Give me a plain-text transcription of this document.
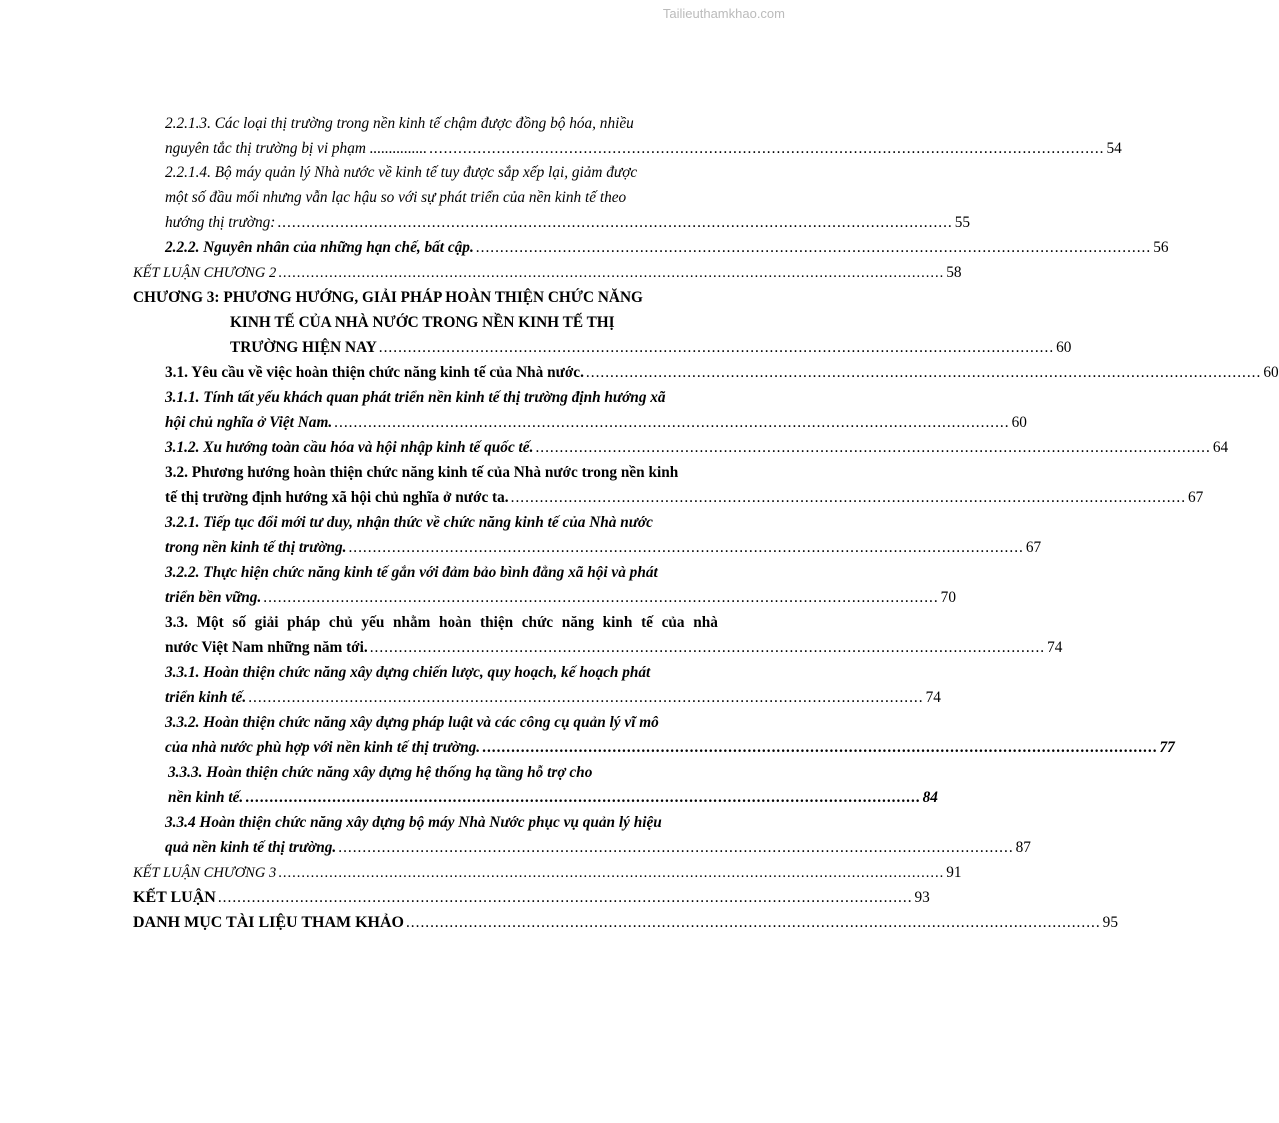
Tailieuthamkhao.com
2.2.1.3. Các loại thị trường trong nền kinh tế chậm được đồng bộ hóa, nhiều
nguyên tắc thị trường bị vi phạm ............... ............................................................................................................................................ 54
2.2.1.4. Bộ máy quản lý Nhà nước về kinh tế tuy được sắp xếp lại, giảm được
một số đầu mối nhưng vẫn lạc hậu so với sự phát triển của nền kinh tế theo
hướng thị trường: ............................................................................................................................................ 55
2.2.2. Nguyên nhân của những hạn chế, bất cập. ............................................................................................................................................ 56
KẾT LUẬN CHƯƠNG 2 ................................................................................................................................................ 58
CHƯƠNG 3: PHƯƠNG HƯỚNG, GIẢI PHÁP HOÀN THIỆN CHỨC NĂNG
KINH TẾ CỦA NHÀ NƯỚC TRONG NỀN KINH TẾ THỊ
TRƯỜNG HIỆN NAY ............................................................................................................................................ 60
3.1. Yêu cầu về việc hoàn thiện chức năng kinh tế của Nhà nước. ............................................................................................................................................ 60
3.1.1. Tính tất yếu khách quan phát triển nền kinh tế thị trường định hướng xã
hội chủ nghĩa ở Việt Nam. ............................................................................................................................................ 60
3.1.2. Xu hướng toàn cầu hóa và hội nhập kinh tế quốc tế. ............................................................................................................................................ 64
3.2. Phương hướng hoàn thiện chức năng kinh tế của Nhà nước trong nền kinh
tế thị trường định hướng xã hội chủ nghĩa ở nước ta. ............................................................................................................................................ 67
3.2.1. Tiếp tục đổi mới tư duy, nhận thức về chức năng kinh tế của Nhà nước
trong nền kinh tế thị trường. ............................................................................................................................................ 67
3.2.2. Thực hiện chức năng kinh tế gắn với đảm bảo bình đẳng xã hội và phát
triển bền vững. ............................................................................................................................................ 70
3.3. Một số giải pháp chủ yếu nhằm hoàn thiện chức năng kinh tế của nhà
nước Việt Nam những năm tới. ............................................................................................................................................ 74
3.3.1. Hoàn thiện chức năng xây dựng chiến lược, quy hoạch, kế hoạch phát
triển kinh tế. ............................................................................................................................................ 74
3.3.2. Hoàn thiện chức năng xây dựng pháp luật và các công cụ quản lý vĩ mô
của nhà nước phù hợp với nền kinh tế thị trường. ............................................................................................................................................ 77
3.3.3. Hoàn thiện chức năng xây dựng hệ thống hạ tầng hỗ trợ cho
nền kinh tế. ............................................................................................................................................ 84
3.3.4 Hoàn thiện chức năng xây dựng bộ máy Nhà Nước phục vụ quản lý hiệu
quả nền kinh tế thị trường. ............................................................................................................................................ 87
KẾT LUẬN CHƯƠNG 3 ................................................................................................................................................ 91
KẾT LUẬN ................................................................................................................................................ 93
DANH MỤC TÀI LIỆU THAM KHẢO ................................................................................................................................................ 95
